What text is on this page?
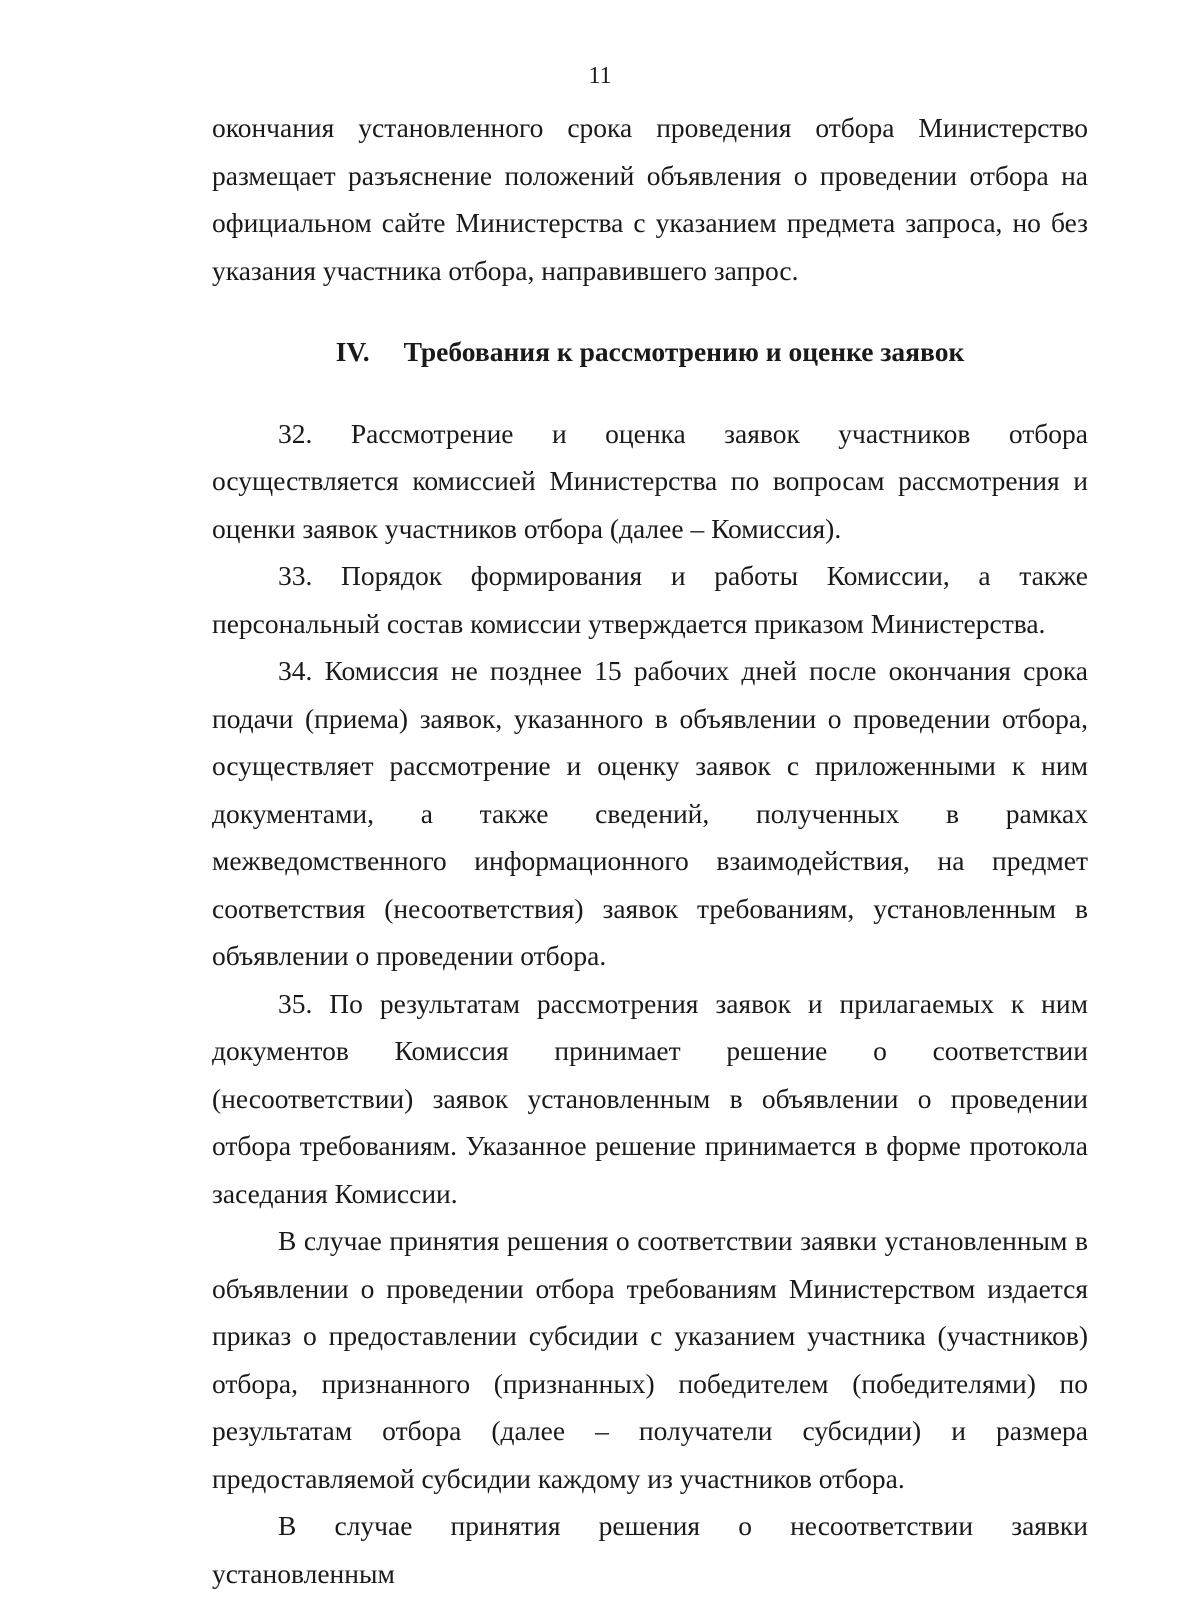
11

окончания установленного срока проведения отбора Министерство размещает разъяснение положений объявления о проведении отбора на официальном сайте Министерства с указанием предмета запроса, но без указания участника отбора, направившего запрос.

IV. Требования к рассмотрению и оценке заявок

32. Рассмотрение и оценка заявок участников отбора осуществляется комиссией Министерства по вопросам рассмотрения и оценки заявок участников отбора (далее – Комиссия).

33. Порядок формирования и работы Комиссии, а также персональный состав комиссии утверждается приказом Министерства.

34. Комиссия не позднее 15 рабочих дней после окончания срока подачи (приема) заявок, указанного в объявлении о проведении отбора, осуществляет рассмотрение и оценку заявок с приложенными к ним документами, а также сведений, полученных в рамках межведомственного информационного взаимодействия, на предмет соответствия (несоответствия) заявок требованиям, установленным в объявлении о проведении отбора.

35. По результатам рассмотрения заявок и прилагаемых к ним документов Комиссия принимает решение о соответствии (несоответствии) заявок установленным в объявлении о проведении отбора требованиям. Указанное решение принимается в форме протокола заседания Комиссии.

В случае принятия решения о соответствии заявки установленным в объявлении о проведении отбора требованиям Министерством издается приказ о предоставлении субсидии с указанием участника (участников) отбора, признанного (признанных) победителем (победителями) по результатам отбора (далее – получатели субсидии) и размера предоставляемой субсидии каждому из участников отбора.

В случае принятия решения о несоответствии заявки установленным
